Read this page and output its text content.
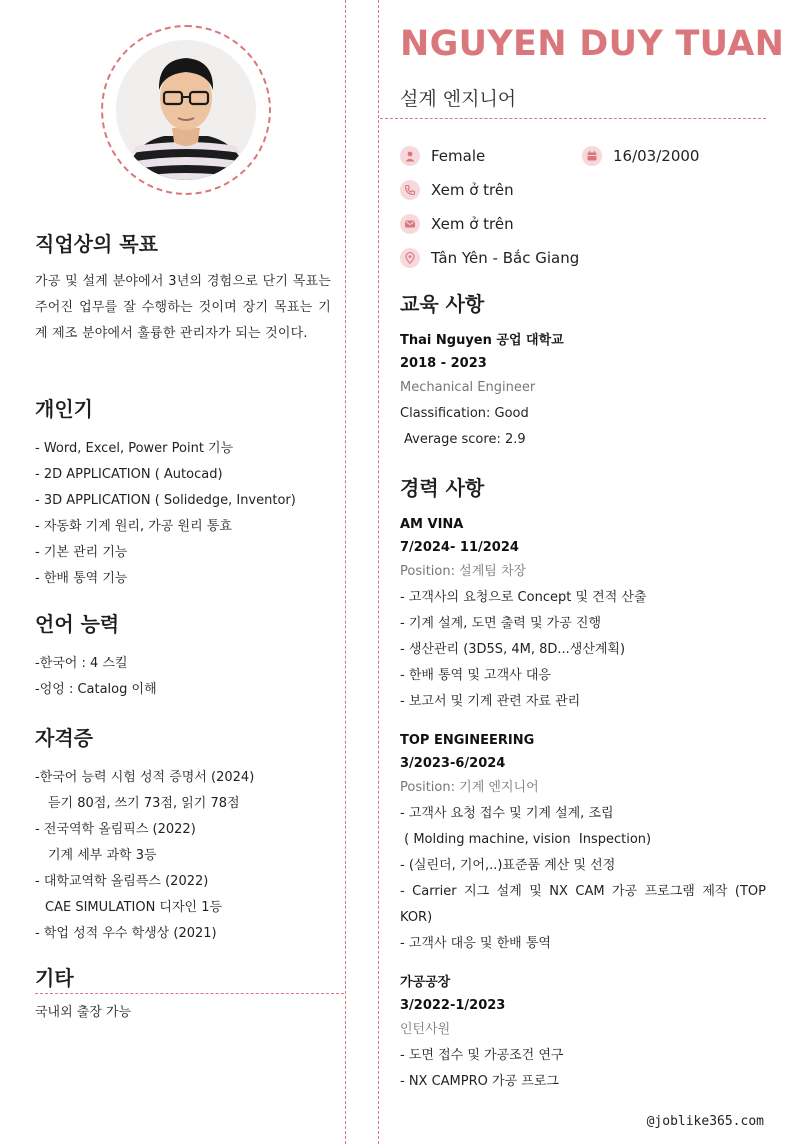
직업상의 목표
가공 및 설계 분야에서 3년의 경험으로 단기 목표는 주어진 업무를 잘 수행하는 것이며 장기 목표는 기계 제조 분야에서 훌륭한 관리자가 되는 것이다.
개인기
- Word, Excel, Power Point 기능
- 2D APPLICATION ( Autocad)
- 3D APPLICATION ( Solidedge, Inventor)
- 자동화 기계 원리, 가공 원리 통효
- 기본 관리 기능
- 한배 통역 기능
언어 능력
-한국어 : 4 스킬
-엉엉 : Catalog 이해
자격증
-한국어 능력 시험 성적 증명서 (2024)
듣기 80점, 쓰기 73점, 읽기 78점
- 전국역학 올림픽스 (2022)
기계 세부 과학 3등
- 대학교역학 올림픅스 (2022)
CAE SIMULATION 디자인 1등
- 학업 성적 우수 학생상 (2021)
기타
국내외 출장 가능
NGUYEN DUY TUAN
설계 엔지니어
Female	16/03/2000
Xem ở trên
Xem ở trên
Tân Yên - Bắc Giang
교육 사항
Thai Nguyen 공업 대학교
2018 - 2023
Mechanical Engineer
Classification: Good
Average score: 2.9
경력 사항
AM VINA
7/2024- 11/2024
Position: 설계팀 차장
- 고객사의 요청으로 Concept 및 견적 산출
- 기계 설계, 도면 출력 및 가공 진행
- 생산관리 (3D5S, 4M, 8D...생산계획)
- 한배 통역 및 고객사 대응
- 보고서 및 기계 관련 자료 관리
TOP ENGINEERING
3/2023-6/2024
Position: 기계 엔지니어
- 고객사 요청 접수 및 기계 설계, 조립
( Molding machine, vision  Inspection)
- (실린더, 기어,..)표준품 계산 및 선정
- Carrier 지그 설계 및 NX CAM 가공 프로그램 제작 (TOP KOR)
- 고객사 대응 및 한배 통역
가공공장
3/2022-1/2023
인턴사원
- 도면 접수 및 가공조건 연구
- NX CAMPRO 가공 프로그
@joblike365.com
